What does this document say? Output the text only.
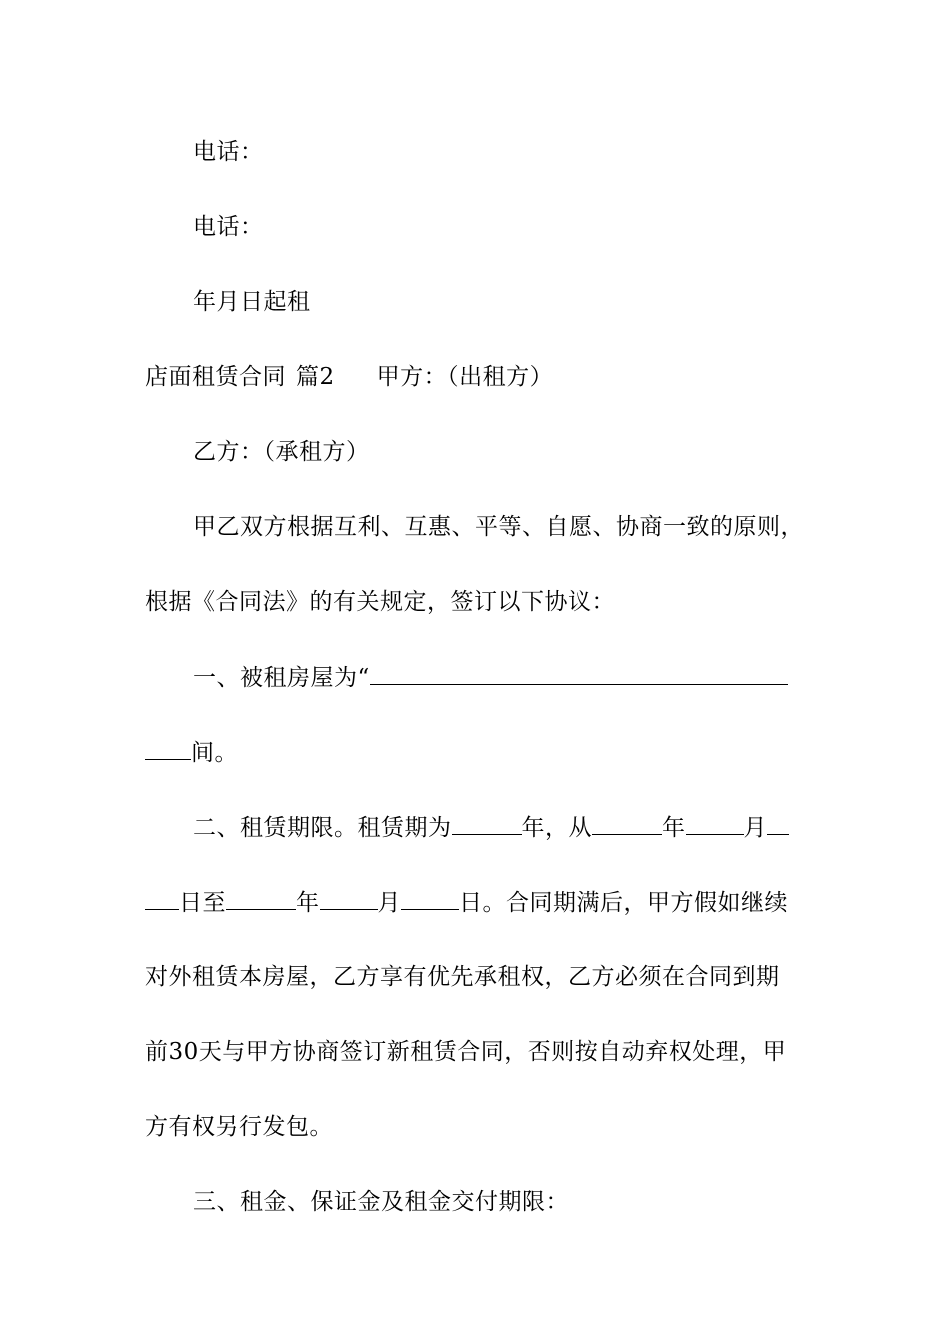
电话：
电话：
年月日起租
店面租赁合同 篇2 甲方：（出租方）
乙方：（承租方）
甲乙双方根据互利、互惠、平等、自愿、协商一致的原则，
根据《合同法》的有关规定，签订以下协议：
一、被租房屋为“
间。
二、租赁期限。租赁期为	年，从	年	月
日至	年	月	日。合同期满后，甲方假如继续
对外租赁本房屋，乙方享有优先承租权，乙方必须在合同到期
前30天与甲方协商签订新租赁合同，否则按自动弃权处理，甲
方有权另行发包。
三、租金、保证金及租金交付期限：
